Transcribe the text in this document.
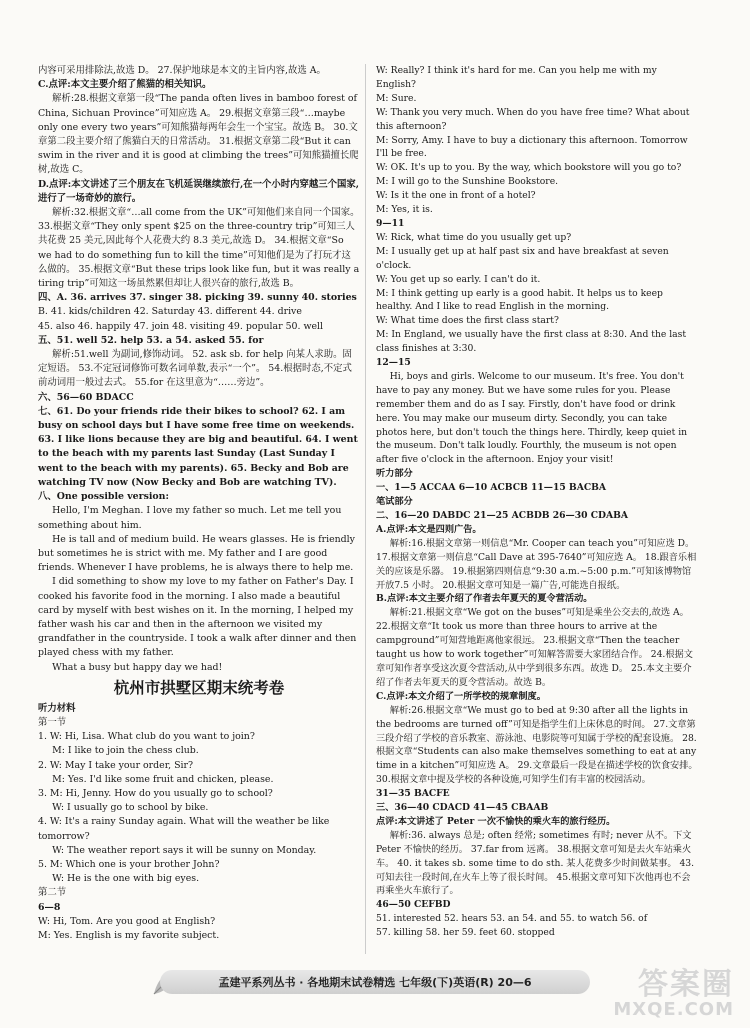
内容可采用排除法,故选 D。 27.保护地球是本文的主旨内容,故选 A。

C.点评:本文主要介绍了熊猫的相关知识。

解析:28.根据文章第一段“The panda often lives in bamboo forest of China, Sichuan Province”可知应选 A。 29.根据文章第三段“…maybe only one every two years”可知熊猫每两年会生一个宝宝。故选 B。 30.文章第二段主要介绍了熊猫白天的日常活动。 31.根据文章第二段“But it can swim in the river and it is good at climbing the trees”可知熊猫擅长爬树,故选 C。

D.点评:本文讲述了三个朋友在飞机延误继续旅行,在一个小时内穿越三个国家,进行了一场奇妙的旅行。

解析:32.根据文章“…all come from the UK”可知他们来自同一个国家。 33.根据文章“They only spent $25 on the three-country trip”可知三人共花费 25 美元,因此每个人花费大约 8.3 美元,故选 D。 34.根据文章“So we had to do something fun to kill the time”可知他们是为了打玩才这么做的。 35.根据文章“But these trips look like fun, but it was really a tiring trip”可知这一场虽然累但却让人很兴奋的旅行,故选 B。

四、A. 36. arrives 37. singer 38. picking 39. sunny 40. stories

B. 41. kids/children 42. Saturday 43. different 44. drive

45. also 46. happily 47. join 48. visiting 49. popular 50. well

五、51. well 52. help 53. a 54. asked 55. for

解析:51.well 为副词,修饰动词。 52. ask sb. for help 向某人求助。固定短语。 53.不定冠词修饰可数名词单数,表示“一个”。 54.根据时态,不定式前动词用一般过去式。 55.for 在这里意为“……旁边”。

六、56—60 BDACC

七、61. Do your friends ride their bikes to school? 62. I am busy on school days but I have some free time on weekends. 63. I like lions because they are big and beautiful. 64. I went to the beach with my parents last Sunday (Last Sunday I went to the beach with my parents). 65. Becky and Bob are watching TV now (Now Becky and Bob are watching TV).

八、One possible version:

Hello, I'm Meghan. I love my father so much. Let me tell you something about him.

He is tall and of medium build. He wears glasses. He is friendly but sometimes he is strict with me. My father and I are good friends. Whenever I have problems, he is always there to help me.

I did something to show my love to my father on Father's Day. I cooked his favorite food in the morning. I also made a beautiful card by myself with best wishes on it. In the morning, I helped my father wash his car and then in the afternoon we visited my grandfather in the countryside. I took a walk after dinner and then played chess with my father.

What a busy but happy day we had!

杭州市拱墅区期末统考卷

听力材料

第一节

1. W: Hi, Lisa. What club do you want to join?

M: I like to join the chess club.

2. W: May I take your order, Sir?

M: Yes. I'd like some fruit and chicken, please.

3. M: Hi, Jenny. How do you usually go to school?

W: I usually go to school by bike.

4. W: It's a rainy Sunday again. What will the weather be like tomorrow?

W: The weather report says it will be sunny on Monday.

5. M: Which one is your brother John?

W: He is the one with big eyes.

第二节

6—8

W: Hi, Tom. Are you good at English?

M: Yes. English is my favorite subject.

W: Really? I think it's hard for me. Can you help me with my English?

M: Sure.

W: Thank you very much. When do you have free time? What about this afternoon?

M: Sorry, Amy. I have to buy a dictionary this afternoon. Tomorrow I'll be free.

W: OK. It's up to you. By the way, which bookstore will you go to?

M: I will go to the Sunshine Bookstore.

W: Is it the one in front of a hotel?

M: Yes, it is.

9—11

W: Rick, what time do you usually get up?

M: I usually get up at half past six and have breakfast at seven o'clock.

W: You get up so early. I can't do it.

M: I think getting up early is a good habit. It helps us to keep healthy. And I like to read English in the morning.

W: What time does the first class start?

M: In England, we usually have the first class at 8:30. And the last class finishes at 3:30.

12—15

Hi, boys and girls. Welcome to our museum. It's free. You don't have to pay any money. But we have some rules for you. Please remember them and do as I say. Firstly, don't have food or drink here. You may make our museum dirty. Secondly, you can take photos here, but don't touch the things here. Thirdly, keep quiet in the museum. Don't talk loudly. Fourthly, the museum is not open after five o'clock in the afternoon. Enjoy your visit!

听力部分

一、1—5 ACCAA 6—10 ACBCB 11—15 BACBA

笔试部分

二、16—20 DABDC 21—25 ACBDB 26—30 CDABA

A.点评:本文是四则广告。

解析:16.根据文章第一则信息“Mr. Cooper can teach you”可知应选 D。 17.根据文章第一则信息“Call Dave at 395-7640”可知应选 A。 18.跟音乐相关的应该是乐器。 19.根据第四则信息“9:30 a.m.~5:00 p.m.”可知该博物馆开放7.5 小时。 20.根据文章可知是一篇广告,可能选自报纸。

B.点评:本文主要介绍了作者去年夏天的夏令营活动。

解析:21.根据文章“We got on the buses”可知是乘坐公交去的,故选 A。 22.根据文章“It took us more than three hours to arrive at the campground”可知营地距离他家很远。 23.根据文章“Then the teacher taught us how to work together”可知解答需要大家团结合作。 24.根据文章可知作者享受这次夏令营活动,从中学到很多东西。故选 D。 25.本文主要介绍了作者去年夏天的夏令营活动。故选 B。

C.点评:本文介绍了一所学校的规章制度。

解析:26.根据文章“We must go to bed at 9:30 after all the lights in the bedrooms are turned off”可知是指学生们上床休息的时间。 27.文章第三段介绍了学校的音乐教室、游泳池、电影院等可知属于学校的配套设施。 28.根据文章“Students can also make themselves something to eat at any time in a kitchen”可知应选 A。 29.文章最后一段是在描述学校的饮食安排。 30.根据文章中提及学校的各种设施,可知学生们有丰富的校园活动。

31—35 BACFE

三、36—40 CDACD 41—45 CBAAB

点评:本文讲述了 Peter 一次不愉快的乘火车的旅行经历。

解析:36. always 总是; often 经常; sometimes 有时; never 从不。下文 Peter 不愉快的经历。 37.far from 远离。 38.根据文章可知是去火车站乘火车。 40. it takes sb. some time to do sth. 某人花费多少时间做某事。 43.可知去往一段时间,在火车上等了很长时间。 45.根据文章可知下次他再也不会再乘坐火车旅行了。

46—50 CEFBD

51. interested 52. hears 53. an 54. and 55. to watch 56. of

57. killing 58. her 59. feet 60. stopped

孟建平系列丛书 · 各地期末试卷精选 七年级(下)英语(R) 20—6	答案圈
MXQE.COM
